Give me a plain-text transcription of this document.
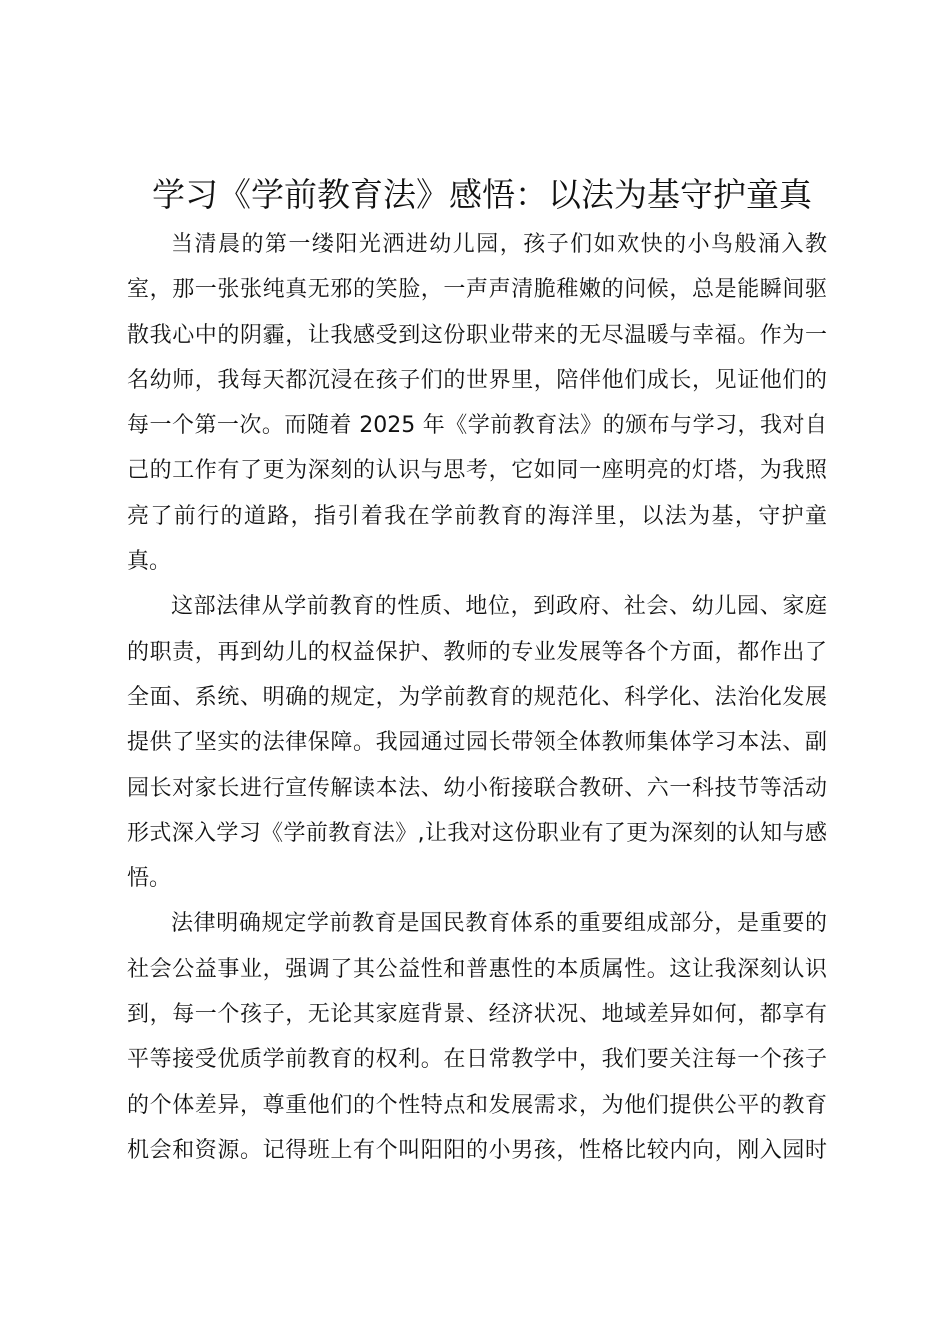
学习《学前教育法》感悟：以法为基守护童真
当清晨的第一缕阳光洒进幼儿园，孩子们如欢快的小鸟般涌入教
室，那一张张纯真无邪的笑脸，一声声清脆稚嫩的问候，总是能瞬间驱
散我心中的阴霾，让我感受到这份职业带来的无尽温暖与幸福。作为一
名幼师，我每天都沉浸在孩子们的世界里，陪伴他们成长，见证他们的
每一个第一次。而随着 2025 年《学前教育法》的颁布与学习，我对自
己的工作有了更为深刻的认识与思考，它如同一座明亮的灯塔，为我照
亮了前行的道路，指引着我在学前教育的海洋里，以法为基，守护童
真。
这部法律从学前教育的性质、地位，到政府、社会、幼儿园、家庭
的职责，再到幼儿的权益保护、教师的专业发展等各个方面，都作出了
全面、系统、明确的规定，为学前教育的规范化、科学化、法治化发展
提供了坚实的法律保障。我园通过园长带领全体教师集体学习本法、副
园长对家长进行宣传解读本法、幼小衔接联合教研、六一科技节等活动
形式深入学习《学前教育法》,让我对这份职业有了更为深刻的认知与感
悟。
法律明确规定学前教育是国民教育体系的重要组成部分，是重要的
社会公益事业，强调了其公益性和普惠性的本质属性。这让我深刻认识
到，每一个孩子，无论其家庭背景、经济状况、地域差异如何，都享有
平等接受优质学前教育的权利。在日常教学中，我们要关注每一个孩子
的个体差异，尊重他们的个性特点和发展需求，为他们提供公平的教育
机会和资源。记得班上有个叫阳阳的小男孩，性格比较内向，刚入园时
